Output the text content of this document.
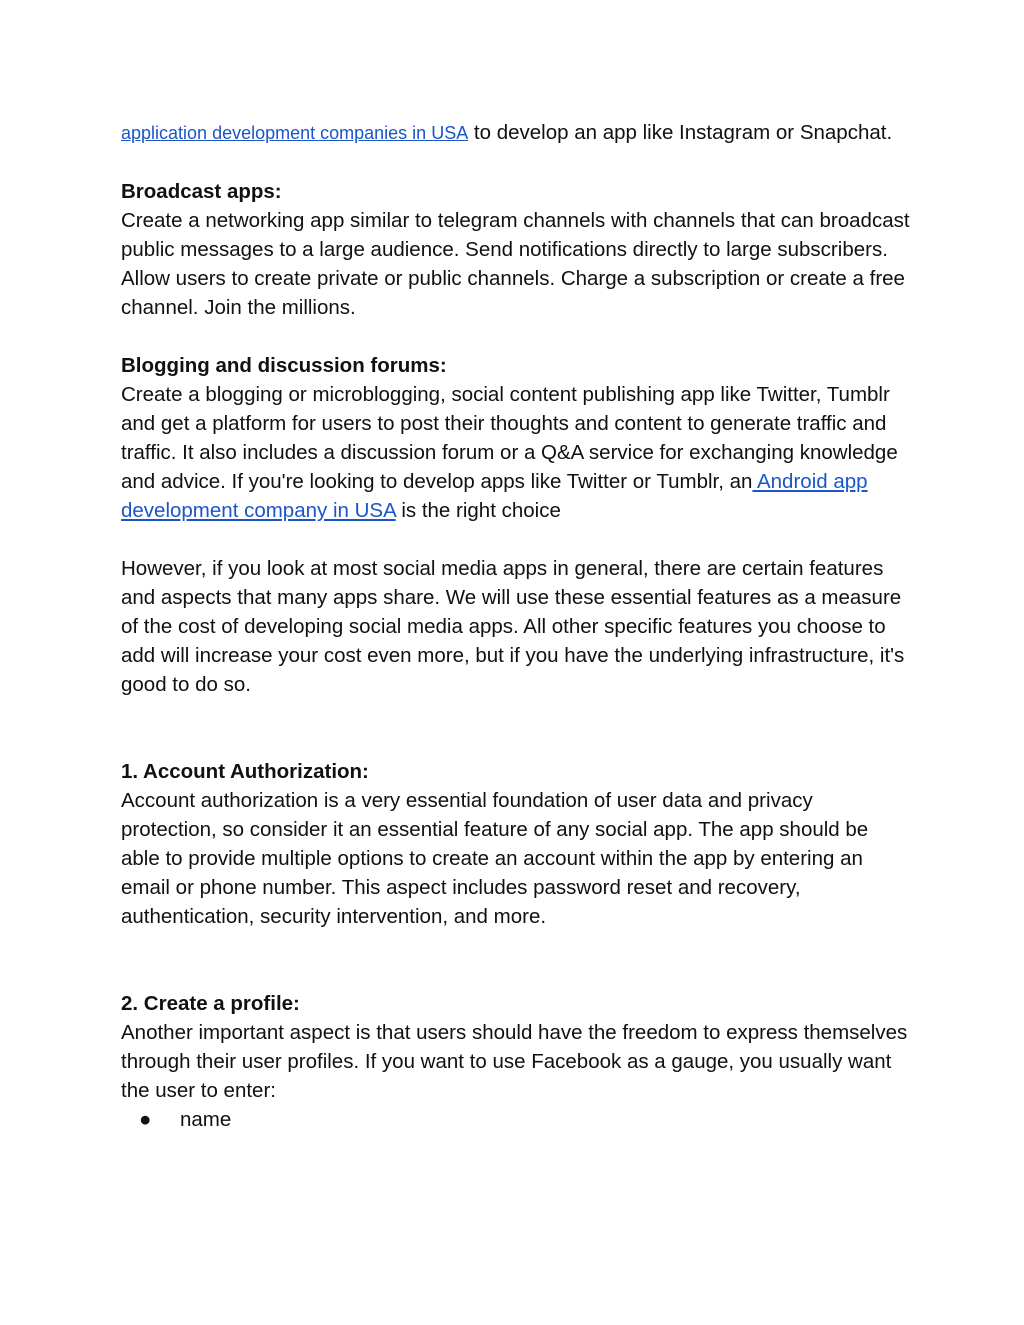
application development companies in USA to develop an app like Instagram or Snapchat.

Broadcast apps:

Create a networking app similar to telegram channels with channels that can broadcast public messages to a large audience. Send notifications directly to large subscribers. Allow users to create private or public channels. Charge a subscription or create a free channel. Join the millions.

Blogging and discussion forums:

Create a blogging or microblogging, social content publishing app like Twitter, Tumblr and get a platform for users to post their thoughts and content to generate traffic and traffic. It also includes a discussion forum or a Q&A service for exchanging knowledge and advice. If you're looking to develop apps like Twitter or Tumblr, an Android app development company in USA is the right choice

However, if you look at most social media apps in general, there are certain features and aspects that many apps share. We will use these essential features as a measure of the cost of developing social media apps. All other specific features you choose to add will increase your cost even more, but if you have the underlying infrastructure, it's good to do so.

1. Account Authorization:

Account authorization is a very essential foundation of user data and privacy protection, so consider it an essential feature of any social app. The app should be able to provide multiple options to create an account within the app by entering an email or phone number. This aspect includes password reset and recovery, authentication, security intervention, and more.

2. Create a profile:

Another important aspect is that users should have the freedom to express themselves through their user profiles. If you want to use Facebook as a gauge, you usually want the user to enter:

● name
